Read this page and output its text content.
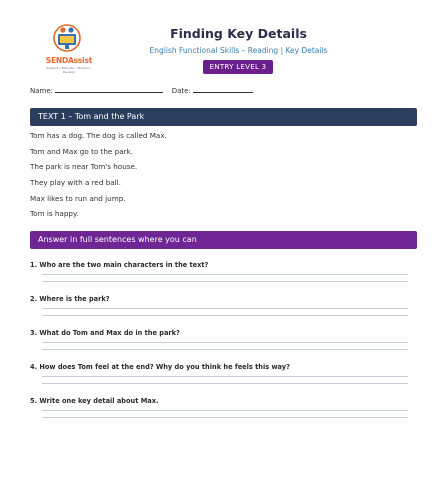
SENDAssist
Support • Educate • Nurture • Develop
Finding Key Details
English Functional Skills – Reading | Key Details
ENTRY LEVEL 3
Name:	Date:
TEXT 1 – Tom and the Park
Tom has a dog. The dog is called Max.
Tom and Max go to the park.
The park is near Tom's house.
They play with a red ball.
Max likes to run and jump.
Tom is happy.
Answer in full sentences where you can
1. Who are the two main characters in the text?
2. Where is the park?
3. What do Tom and Max do in the park?
4. How does Tom feel at the end? Why do you think he feels this way?
5. Write one key detail about Max.
